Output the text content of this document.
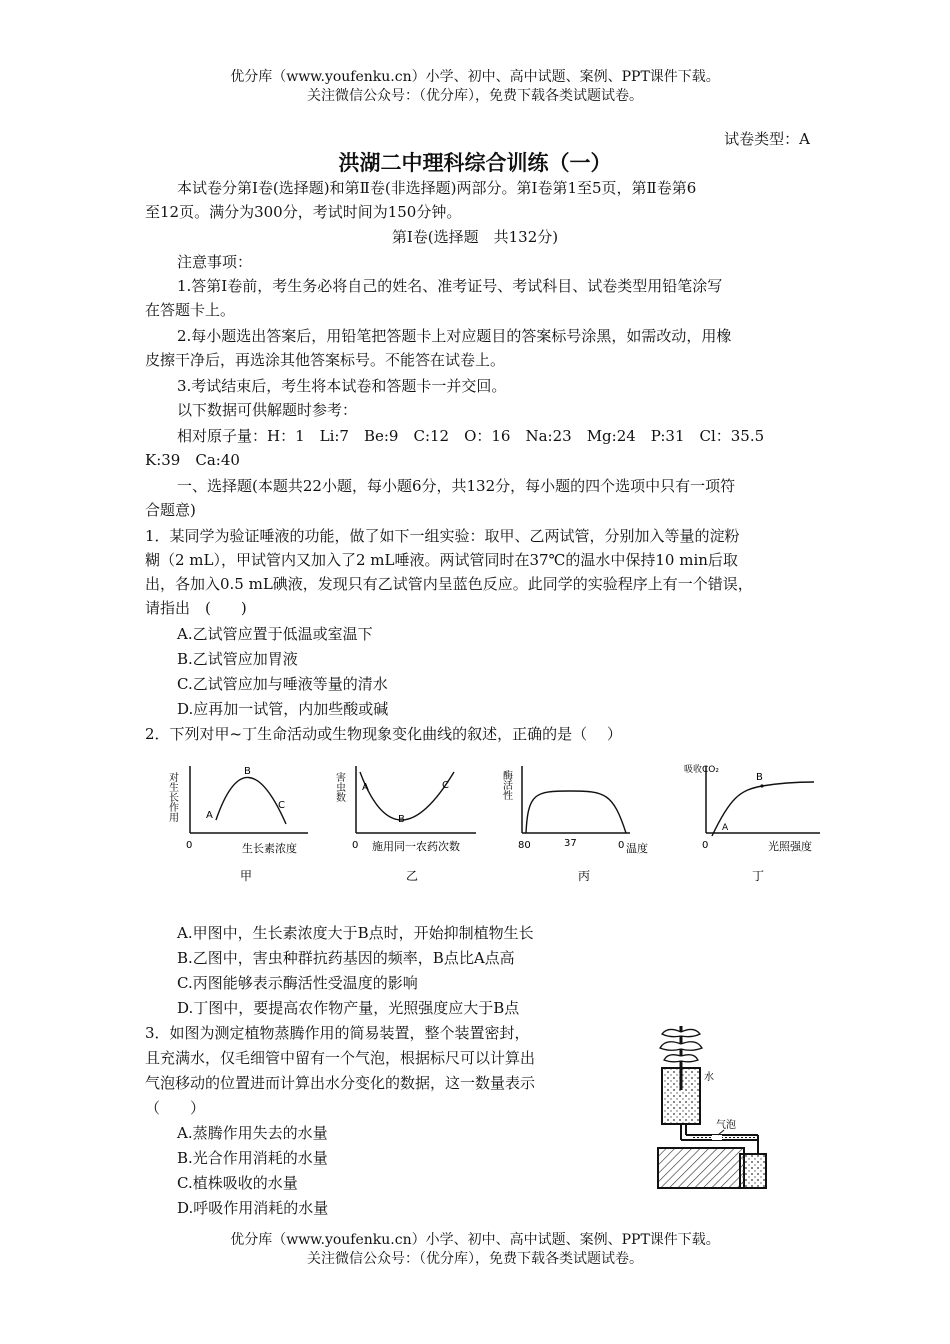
优分库（www.youfenku.cn）小学、初中、高中试题、案例、PPT课件下载。
关注微信公众号：（优分库），免费下载各类试题试卷。
试卷类型：A
洪湖二中理科综合训练（一）
本试卷分第Ⅰ卷(选择题)和第Ⅱ卷(非选择题)两部分。第Ⅰ卷第1至5页，第Ⅱ卷第6
至12页。满分为300分，考试时间为150分钟。
第Ⅰ卷(选择题　共132分)
注意事项：
1.答第Ⅰ卷前，考生务必将自己的姓名、准考证号、考试科目、试卷类型用铅笔涂写
在答题卡上。
2.每小题选出答案后，用铅笔把答题卡上对应题目的答案标号涂黑，如需改动，用橡
皮擦干净后，再选涂其他答案标号。不能答在试卷上。
3.考试结束后，考生将本试卷和答题卡一并交回。
以下数据可供解题时参考：
相对原子量：H：1　Li:7　Be:9　C:12　O：16　Na:23　Mg:24　P:31　Cl：35.5
K:39　Ca:40
一、选择题(本题共22小题，每小题6分，共132分，每小题的四个选项中只有一项符
合题意)
1．某同学为验证唾液的功能，做了如下一组实验：取甲、乙两试管，分别加入等量的淀粉
糊（2 mL），甲试管内又加入了2 mL唾液。两试管同时在37℃的温水中保持10 min后取
出，各加入0.5 mL碘液，发现只有乙试管内呈蓝色反应。此同学的实验程序上有一个错误，
请指出　(　　)
A.乙试管应置于低温或室温下
B.乙试管应加胃液
C.乙试管应加与唾液等量的清水
D.应再加一试管，内加些酸或碱
2．下列对甲~丁生命活动或生物现象变化曲线的叙述，正确的是（　 ）
对生长作用	A
B
C
0	生长素浓度
甲
害虫数 A
B
C
0 施用同一农药次数
乙
酶活性
80	37	0 温度
丙
吸收CO₂
A
B
0	光照强度
丁
A.甲图中，生长素浓度大于B点时，开始抑制植物生长
B.乙图中，害虫种群抗药基因的频率，B点比A点高
C.丙图能够表示酶活性受温度的影响
D.丁图中，要提高农作物产量，光照强度应大于B点
3．如图为测定植物蒸腾作用的简易装置，整个装置密封，
且充满水，仅毛细管中留有一个气泡，根据标尺可以计算出
气泡移动的位置进而计算出水分变化的数据，这一数量表示
（　　）
A.蒸腾作用失去的水量
B.光合作用消耗的水量
C.植株吸收的水量
D.呼吸作用消耗的水量
水
气泡
优分库（www.youfenku.cn）小学、初中、高中试题、案例、PPT课件下载。
关注微信公众号：（优分库），免费下载各类试题试卷。
